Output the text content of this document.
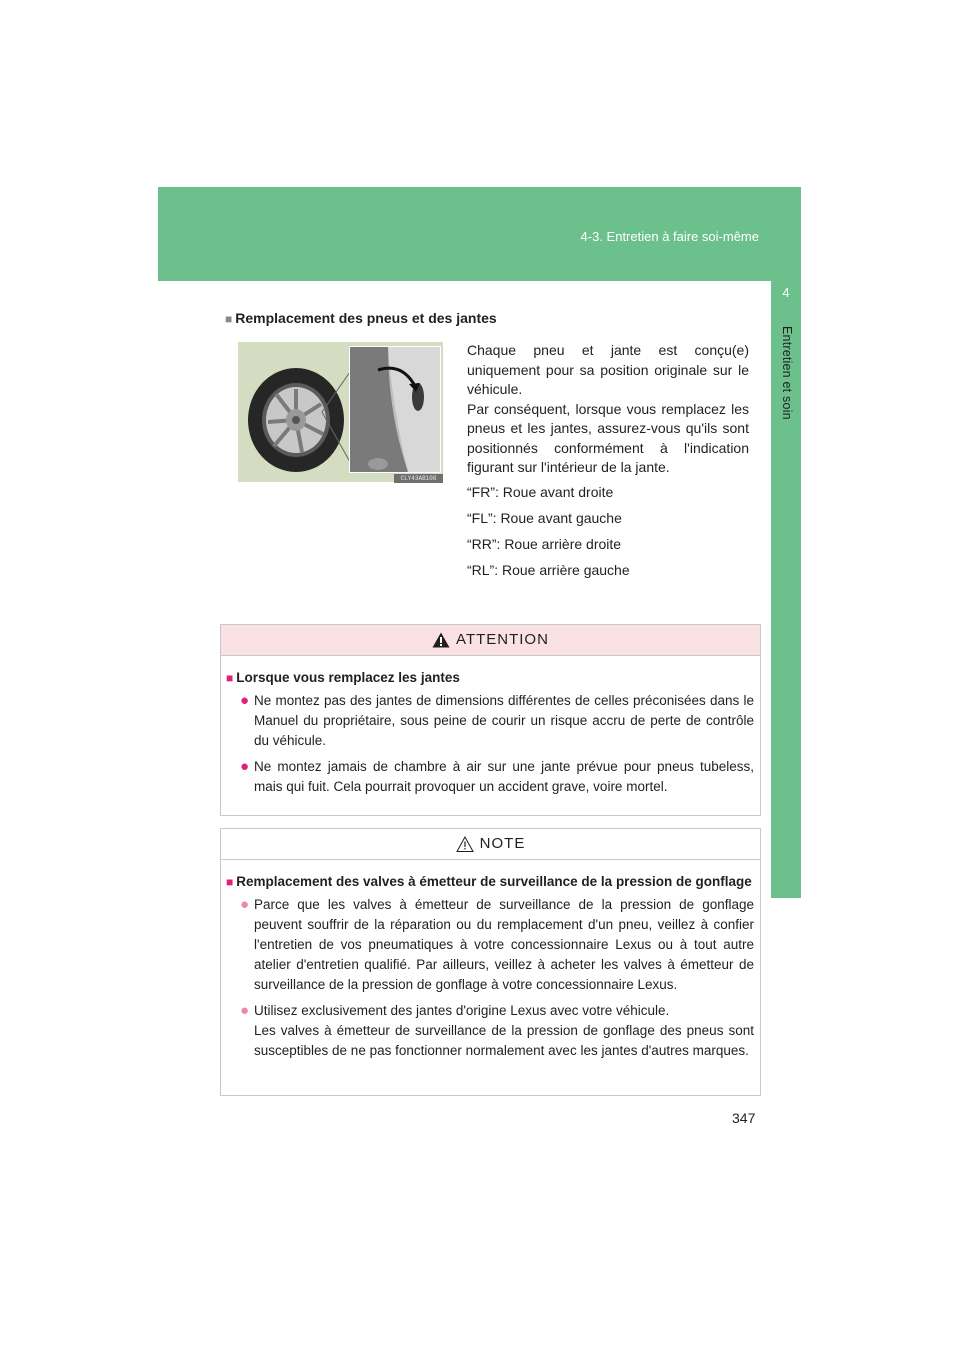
4-3. Entretien à faire soi-même
4
Entretien et soin
■ Remplacement des pneus et des jantes
CLY43AB108

Chaque pneu et jante est conçu(e) uniquement pour sa position originale sur le véhicule.

Par conséquent, lorsque vous remplacez les pneus et les jantes, assurez-vous qu'ils sont positionnés conformément à l'indication figurant sur l'intérieur de la jante.

“FR”: Roue avant droite
“FL”: Roue avant gauche
“RR”: Roue arrière droite
“RL”: Roue arrière gauche
ATTENTION
■ Lorsque vous remplacez les jantes
● Ne montez pas des jantes de dimensions différentes de celles préconisées dans le Manuel du propriétaire, sous peine de courir un risque accru de perte de contrôle du véhicule.
● Ne montez jamais de chambre à air sur une jante prévue pour pneus tubeless, mais qui fuit. Cela pourrait provoquer un accident grave, voire mortel.
NOTE
■ Remplacement des valves à émetteur de surveillance de la pression de gonflage
● Parce que les valves à émetteur de surveillance de la pression de gonflage peuvent souffrir de la réparation ou du remplacement d'un pneu, veillez à confier l'entretien de vos pneumatiques à votre concessionnaire Lexus ou à tout autre atelier d'entretien qualifié. Par ailleurs, veillez à acheter les valves à émetteur de surveillance de la pression de gonflage à votre concessionnaire Lexus.
● Utilisez exclusivement des jantes d'origine Lexus avec votre véhicule.
Les valves à émetteur de surveillance de la pression de gonflage des pneus sont susceptibles de ne pas fonctionner normalement avec les jantes d'autres marques.
347
